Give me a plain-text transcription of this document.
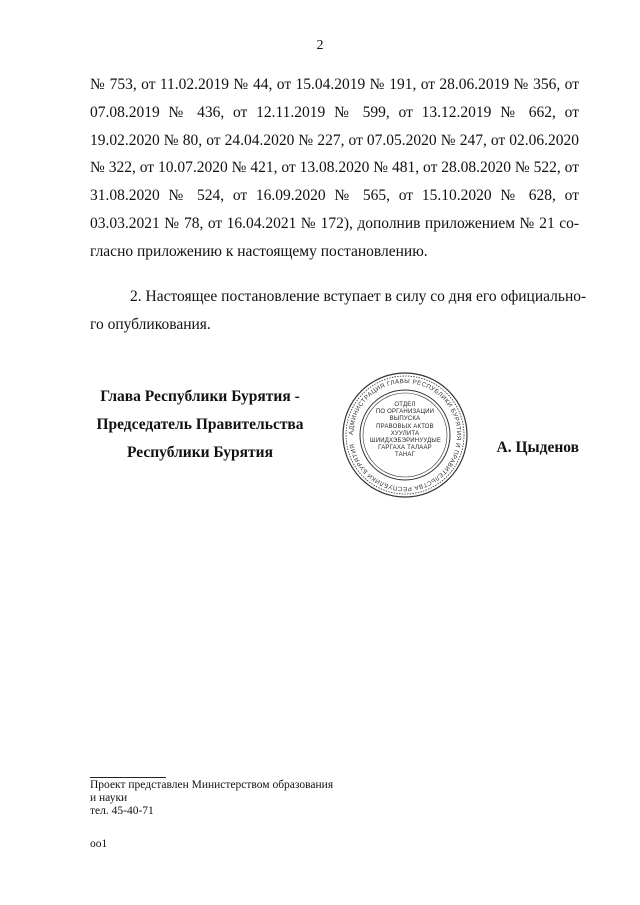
2
№ 753, от 11.02.2019 № 44, от 15.04.2019 № 191, от 28.06.2019 № 356, от
07.08.2019 № 436, от 12.11.2019 № 599, от 13.12.2019 № 662, от
19.02.2020 № 80, от 24.04.2020 № 227, от 07.05.2020 № 247, от 02.06.2020
№ 322, от 10.07.2020 № 421, от 13.08.2020 № 481, от 28.08.2020 № 522, от
31.08.2020 № 524, от 16.09.2020 № 565, от 15.10.2020 № 628, от
03.03.2021 № 78, от 16.04.2021 № 172), дополнив приложением № 21 со-
гласно приложению к настоящему постановлению.
2. Настоящее постановление вступает в силу со дня его официально-
го опубликования.
Глава Республики Бурятия -
Председатель Правительства
Республики Бурятия
АДМИНИСТРАЦИЯ ГЛАВЫ РЕСПУБЛИКИ БУРЯТИЯ И ПРАВИТЕЛЬСТВА РЕСПУБЛИКИ БУРЯТИЯ
ОТДЕЛ
ПО ОРГАНИЗАЦИИ
ВЫПУСКА
ПРАВОВЫХ АКТОВ
ХУУЛИТА
ШИИДХЭБЭРИНУУДЫЕ
ГАРГАХА ТАЛААР
ТАНАГ	А. Цыденов
Проект представлен Министерством образования
и науки
тел. 45-40-71
оо1
